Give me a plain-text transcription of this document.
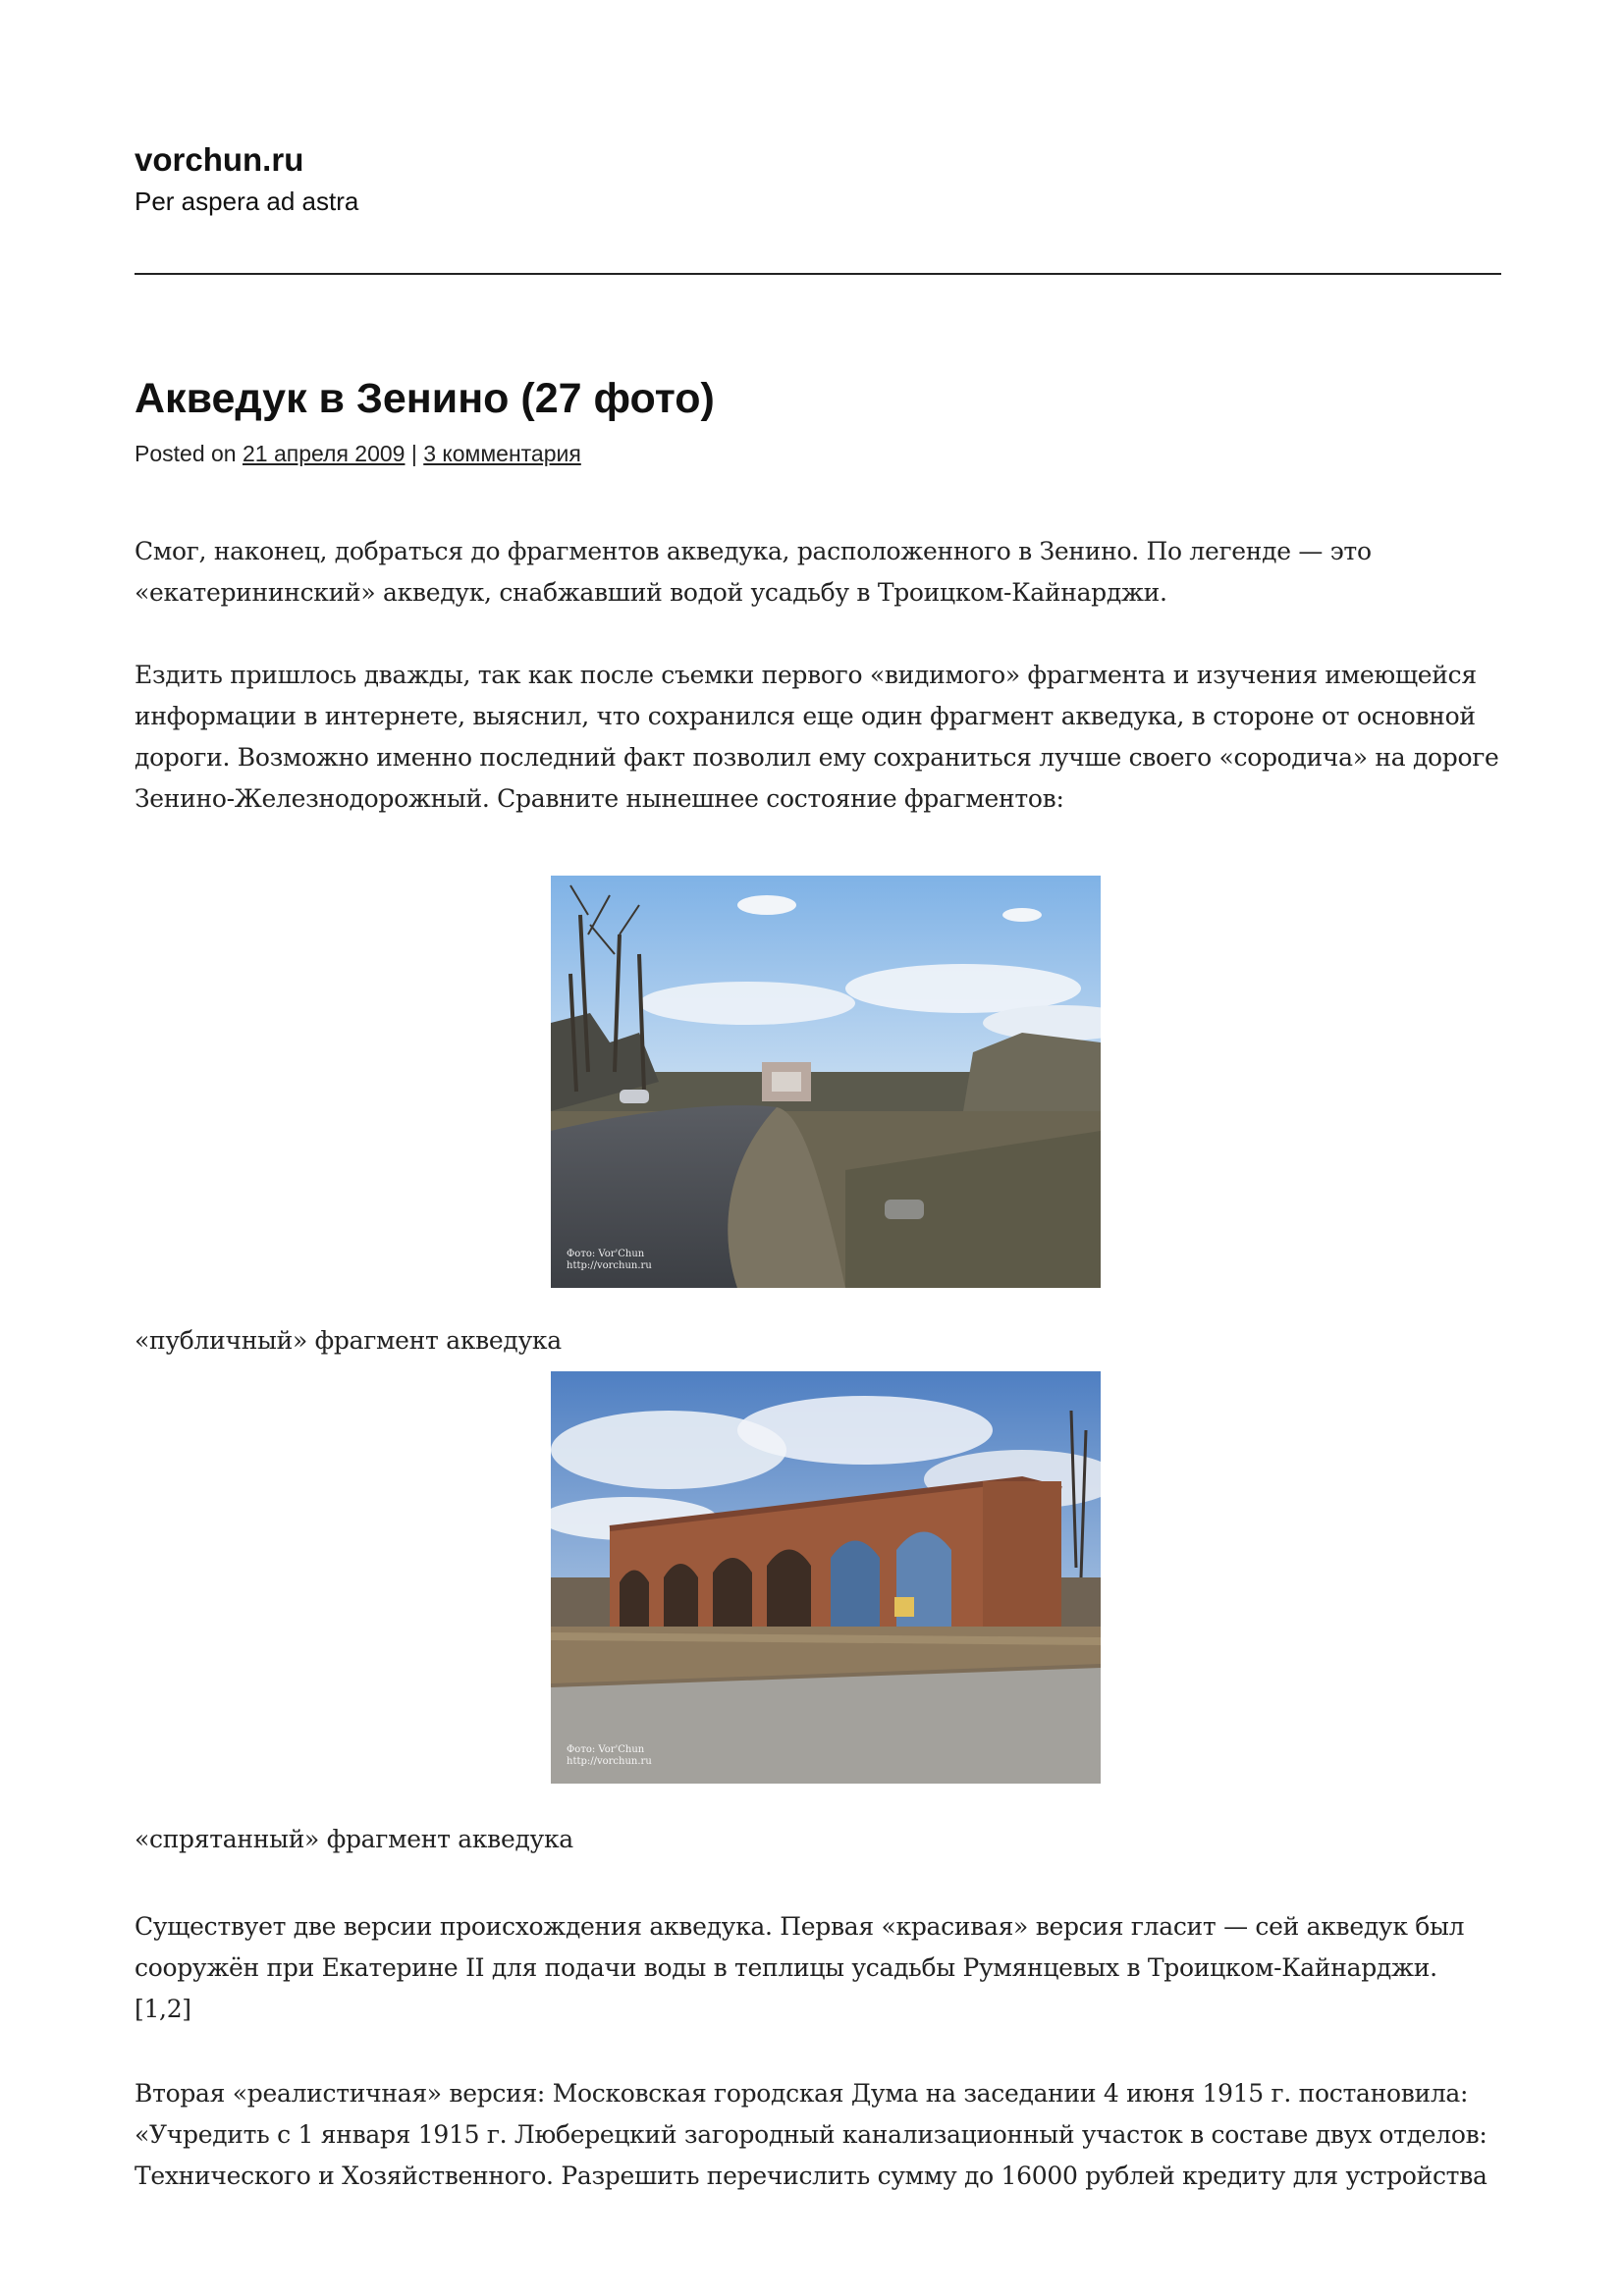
vorchun.ru

Per aspera ad astra

Акведук в Зенино (27 фото)
Posted on 21 апреля 2009 | 3 комментария

Смог, наконец, добраться до фрагментов акведука, расположенного в Зенино. По легенде — это
«екатерининский» акведук, снабжавший водой усадьбу в Троицком-Кайнарджи.

Ездить пришлось дважды, так как после съемки первого «видимого» фрагмента и изучения имеющейся
информации в интернете, выяснил, что сохранился еще один фрагмент акведука, в стороне от основной
дороги. Возможно именно последний факт позволил ему сохраниться лучше своего «сородича» на дороге
Зенино-Железнодорожный. Сравните нынешнее состояние фрагментов:

Фото: Vor'Chun
http://vorchun.ru

«публичный» фрагмент акведука

Фото: Vor'Chun
http://vorchun.ru

«спрятанный» фрагмент акведука

Существует две версии происхождения акведука. Первая «красивая» версия гласит — сей акведук был
сооружён при Екатерине II для подачи воды в теплицы усадьбы Румянцевых в Троицком-Кайнарджи.
[1,2]

Вторая «реалистичная» версия: Московская городская Дума на заседании 4 июня 1915 г. постановила:
«Учредить с 1 января 1915 г. Люберецкий загородный канализационный участок в составе двух отделов:
Технического и Хозяйственного. Разрешить перечислить сумму до 16000 рублей кредиту для устройства
